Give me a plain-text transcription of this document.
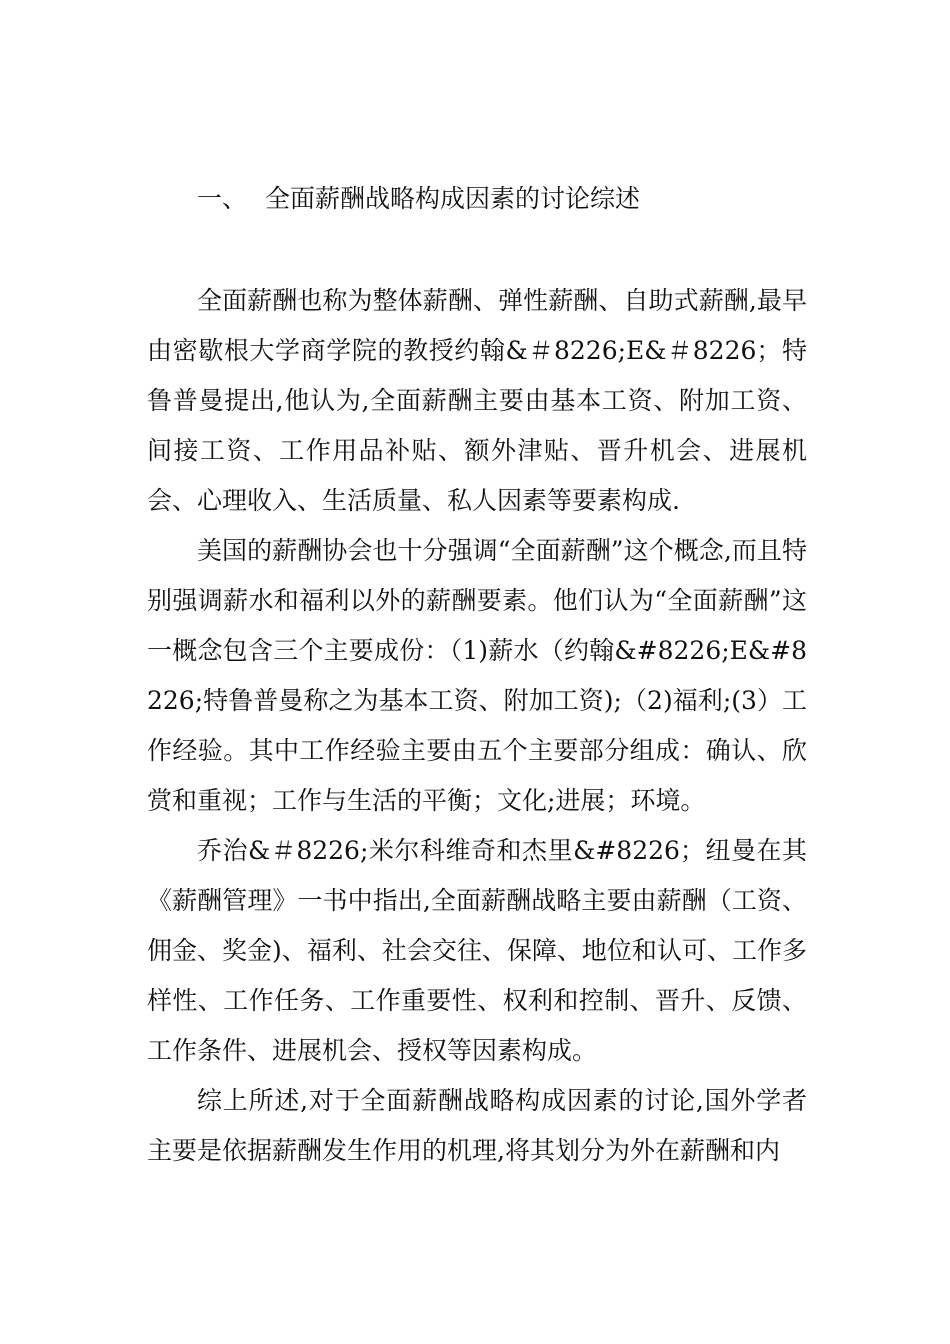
一、 全面薪酬战略构成因素的讨论综述

全面薪酬也称为整体薪酬、弹性薪酬、自助式薪酬,最早由密歇根大学商学院的教授约翰&＃8226;E&＃8226；特鲁普曼提出,他认为,全面薪酬主要由基本工资、附加工资、间接工资、工作用品补贴、额外津贴、晋升机会、进展机会、心理收入、生活质量、私人因素等要素构成.

美国的薪酬协会也十分强调“全面薪酬”这个概念,而且特别强调薪水和福利以外的薪酬要素。他们认为“全面薪酬”这一概念包含三个主要成份：（1)薪水（约翰&#8226;E&#8226;特鲁普曼称之为基本工资、附加工资);（2)福利;(3）工作经验。其中工作经验主要由五个主要部分组成：确认、欣赏和重视；工作与生活的平衡；文化;进展；环境。

乔治&＃8226;米尔科维奇和杰里&#8226；纽曼在其《薪酬管理》一书中指出,全面薪酬战略主要由薪酬（工资、佣金、奖金)、福利、社会交往、保障、地位和认可、工作多样性、工作任务、工作重要性、权利和控制、晋升、反馈、工作条件、进展机会、授权等因素构成。

综上所述,对于全面薪酬战略构成因素的讨论,国外学者主要是依据薪酬发生作用的机理,将其划分为外在薪酬和内
